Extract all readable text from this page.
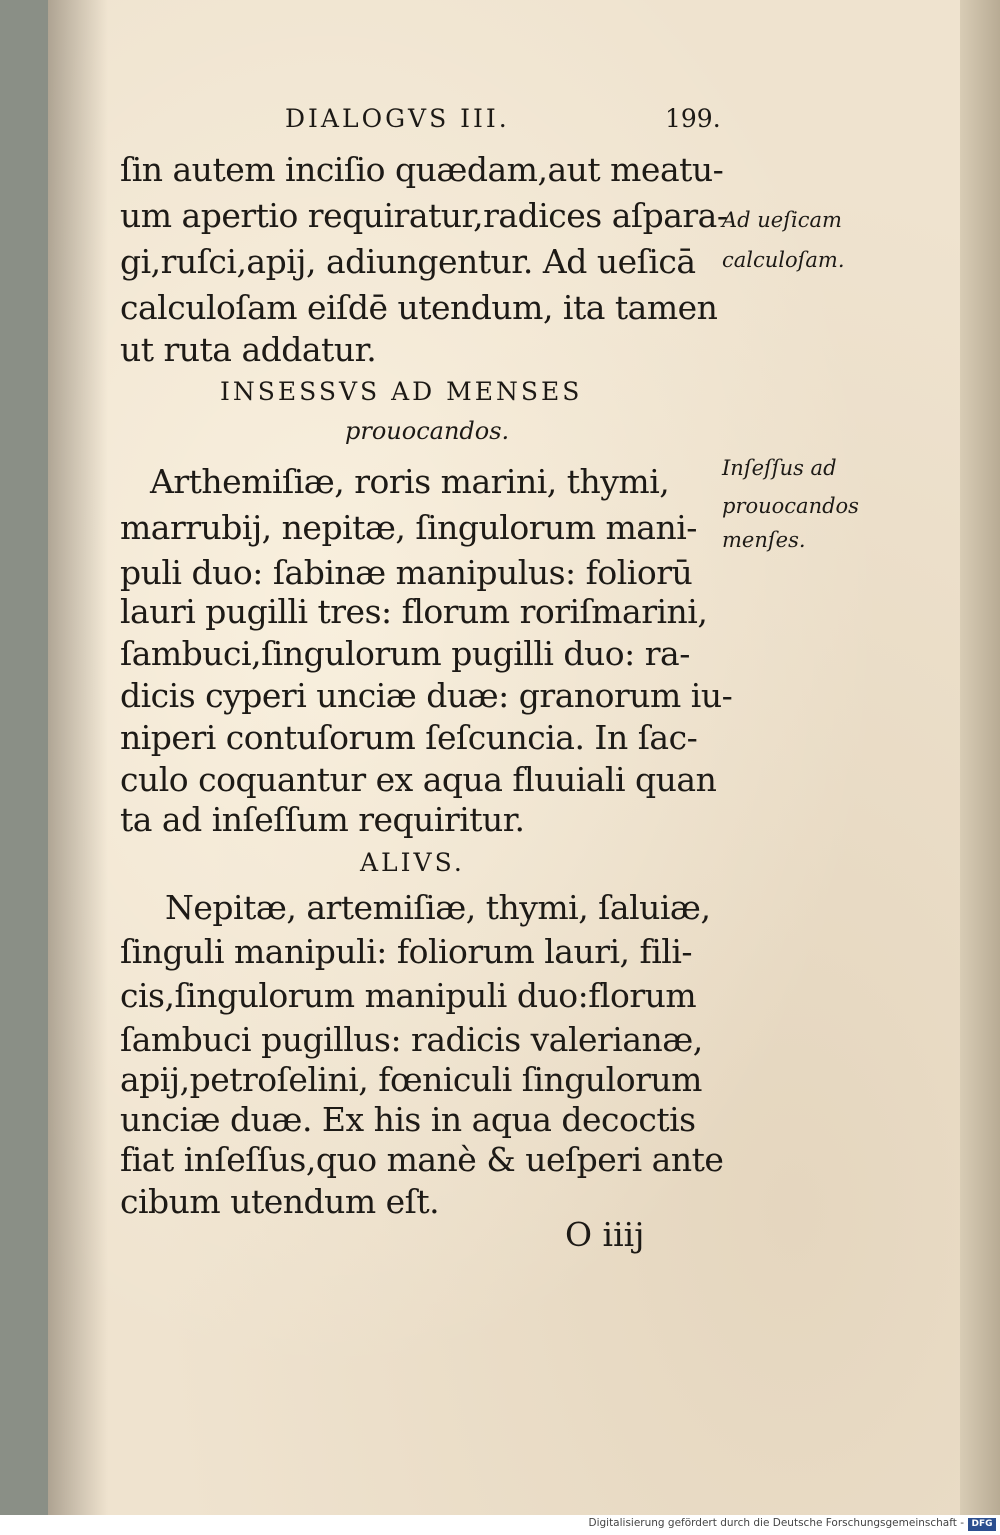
DIALOGVS III.	199.
ſin autem inciſio quædam,aut meatu‑
um apertio requiratur,radices aſpara‑
gi,ruſci,apij, adiungentur. Ad ueſicā
calculoſam eiſdē utendum, ita tamen
ut ruta addatur.
INSESSVS AD MENSES
prouocandos.
Arthemiſiæ, roris marini, thymi,
marrubij, nepitæ, ſingulorum mani‑
puli duo: ſabinæ manipulus: foliorū
lauri pugilli tres: florum roriſmarini,
ſambuci,ſingulorum pugilli duo: ra‑
dicis cyperi unciæ duæ: granorum iu‑
niperi contuſorum ſeſcuncia. In ſac‑
culo coquantur ex aqua fluuiali quan
ta ad inſeſſum requiritur.
ALIVS.
Nepitæ, artemiſiæ, thymi, ſaluiæ,
ſinguli manipuli: foliorum lauri, fili‑
cis,ſingulorum manipuli duo:florum
ſambuci pugillus: radicis valerianæ,
apij,petroſelini, fœniculi ſingulorum
unciæ duæ. Ex his in aqua decoctis
fiat inſeſſus,quo manè & ueſperi ante
cibum utendum eſt.
O iiij
Ad ueſicam
calculoſam.
Inſeſſus ad
prouocandos
menſes.
Digitalisierung gefördert durch die Deutsche Forschungsgemeinschaft - DFG
